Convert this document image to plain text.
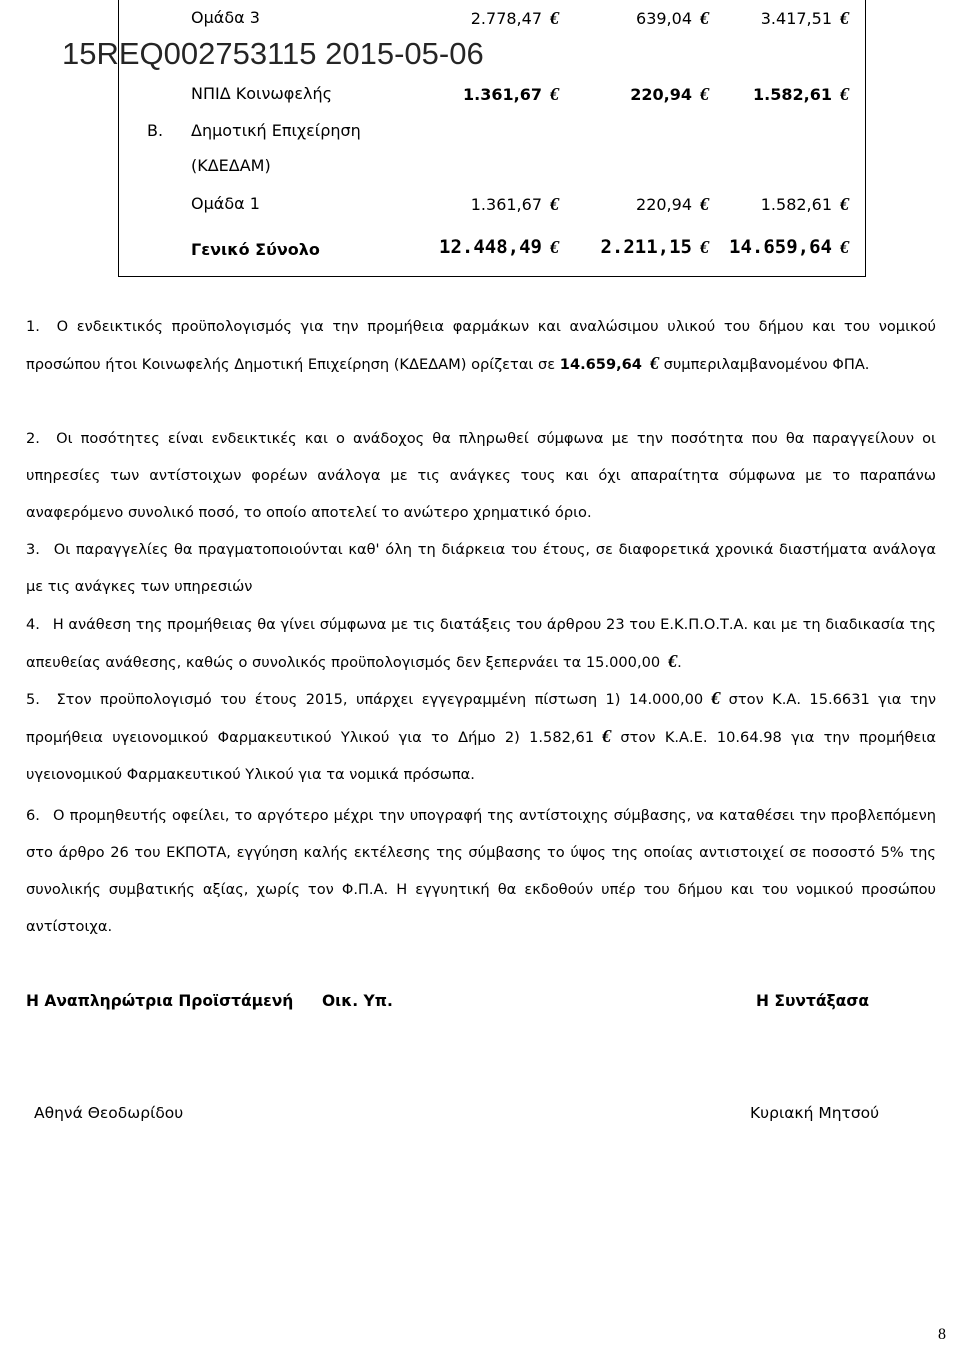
Ομάδα 3	2.778,47 €	639,04 €	3.417,51 €
ΝΠΙΔ Κοινωφελής	1.361,67 €	220,94 €	1.582,61 €
Β. Δημοτική Επιχείρηση
(ΚΔΕΔΑΜ)
Ομάδα 1	1.361,67 €	220,94 €	1.582,61 €
Γενικό Σύνολο	12.448,49 €	2.211,15 €	14.659,64 €
15REQ002753115 2015-05-06
1. Ο ενδεικτικός προϋπολογισμός για την προμήθεια φαρμάκων και αναλώσιμου υλικού του δήμου και του νομικού προσώπου ήτοι Κοινωφελής Δημοτική Επιχείρηση (ΚΔΕΔΑΜ) ορίζεται σε 14.659,64 € συμπεριλαμβανομένου ΦΠΑ.
2. Οι ποσότητες είναι ενδεικτικές και ο ανάδοχος θα πληρωθεί σύμφωνα με την ποσότητα που θα παραγγείλουν οι υπηρεσίες των αντίστοιχων φορέων ανάλογα με τις ανάγκες τους και όχι απαραίτητα σύμφωνα με το παραπάνω αναφερόμενο συνολικό ποσό, το οποίο αποτελεί το ανώτερο χρηματικό όριο.
3. Οι παραγγελίες θα πραγματοποιούνται καθ' όλη τη διάρκεια του έτους, σε διαφορετικά χρονικά διαστήματα ανάλογα με τις ανάγκες των υπηρεσιών
4. Η ανάθεση της προμήθειας θα γίνει σύμφωνα με τις διατάξεις του άρθρου 23 του Ε.Κ.Π.Ο.Τ.Α. και με τη διαδικασία της απευθείας ανάθεσης, καθώς ο συνολικός προϋπολογισμός δεν ξεπερνάει τα 15.000,00 €.
5. Στον προϋπολογισμό του έτους 2015, υπάρχει εγγεγραμμένη πίστωση 1) 14.000,00 € στον Κ.Α. 15.6631 για την προμήθεια υγειονομικού Φαρμακευτικού Υλικού για το Δήμο 2) 1.582,61 € στον Κ.Α.Ε. 10.64.98 για την προμήθεια υγειονομικού Φαρμακευτικού Υλικού για τα νομικά πρόσωπα.
6. Ο προμηθευτής οφείλει, το αργότερο μέχρι την υπογραφή της αντίστοιχης σύμβασης, να καταθέσει την προβλεπόμενη στο άρθρο 26 του ΕΚΠΟΤΑ, εγγύηση καλής εκτέλεσης της σύμβασης το ύψος της οποίας αντιστοιχεί σε ποσοστό 5% της συνολικής συμβατικής αξίας, χωρίς τον Φ.Π.Α. Η εγγυητική θα εκδοθούν υπέρ του δήμου και του νομικού προσώπου αντίστοιχα.
Η Αναπληρώτρια Προϊστάμενή Οικ. Υπ.	Η Συντάξασα
Αθηνά Θεοδωρίδου	Κυριακή Μητσού
8
